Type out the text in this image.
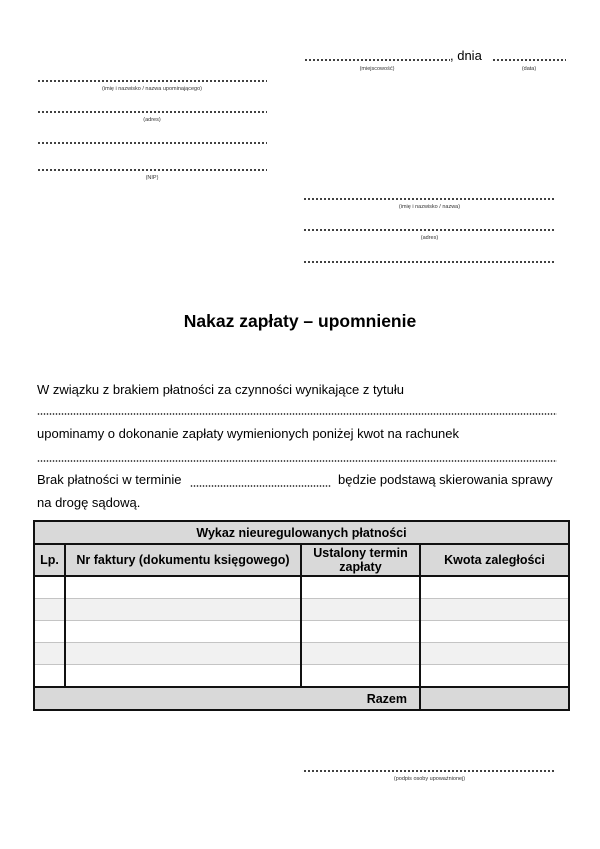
, dnia
(miejscowość)	(data)
(imię i nazwisko / nazwa upominającego)
(adres)
(NIP)
(imię i nazwisko / nazwa)
(adres)
Nakaz zapłaty – upomnienie
W związku z brakiem płatności za czynności wynikające z tytułu
upominamy o dokonanie zapłaty wymienionych poniżej kwot na rachunek
Brak płatności w terminie	będzie podstawą skierowania sprawy
na drogę sądową.
Wykaz nieuregulowanych płatności			
Lp.	Nr faktury (dokumentu księgowego)	Ustalony termin zapłaty	Kwota zaległości

Razem			
(podpis osoby upoważnionej)
